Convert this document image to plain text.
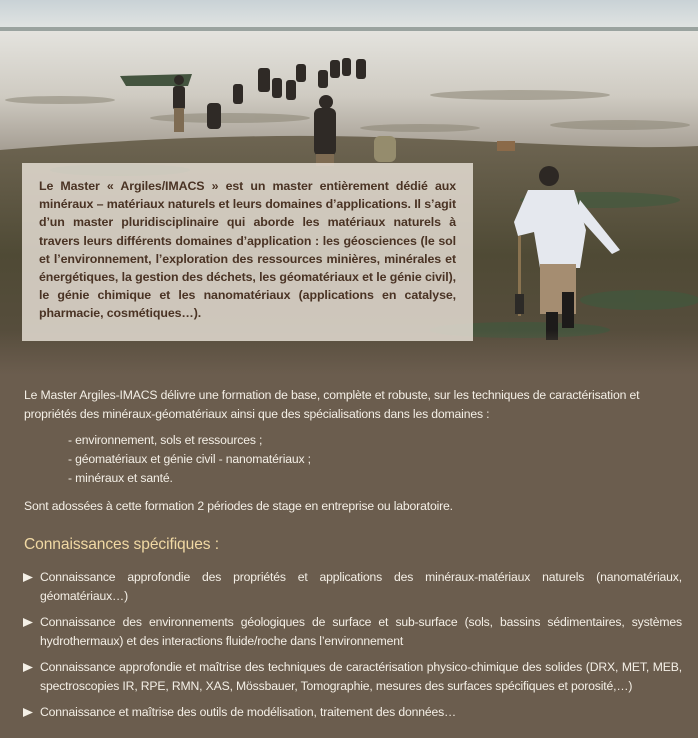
Le Master « Argiles/IMACS » est un master entièrement dédié aux minéraux – matériaux naturels et leurs domaines d’applications. Il s’agit d’un master pluridisciplinaire qui aborde les matériaux naturels à travers leurs différents domaines d’application : les géosciences (le sol et l’environnement, l’exploration des ressources minières, minérales et énergétiques, la gestion des déchets, les géomatériaux et le génie civil), le génie chimique et les nanomatériaux (applications en catalyse, pharmacie, cosmétiques…).

Le Master Argiles-IMACS délivre une formation de base, complète et robuste, sur les techniques de caractérisation et propriétés des minéraux-géomatériaux ainsi que des spécialisations dans les domaines :

- environnement, sols et ressources ;
- géomatériaux et génie civil - nanomatériaux ;
- minéraux et santé.

Sont adossées à cette formation 2 périodes de stage en entreprise ou laboratoire.

Connaissances spécifiques :
Connaissance approfondie des propriétés et applications des minéraux-matériaux naturels (nanomatériaux, géomatériaux…)
Connaissance des environnements géologiques de surface et sub-surface (sols, bassins sédimentaires, systèmes hydrothermaux) et des interactions fluide/roche dans l’environnement
Connaissance approfondie et maîtrise des techniques de caractérisation physico-chimique des solides (DRX, MET, MEB, spectroscopies IR, RPE, RMN, XAS, Mössbauer, Tomographie, mesures des surfaces spécifiques et porosité,…)
Connaissance et maîtrise des outils de modélisation, traitement des données…
